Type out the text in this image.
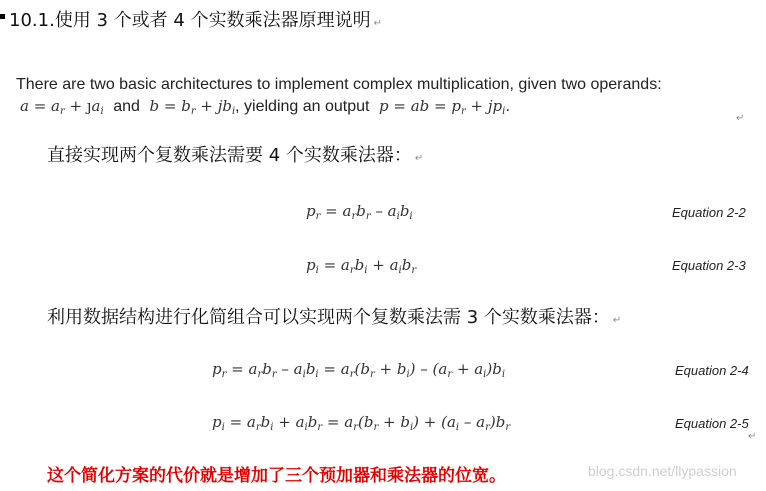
10.1.使用 3 个或者 4 个实数乘法器原理说明 ↵
There are two basic architectures to implement complex multiplication, given two operands:
$a = a_r$ + $ȷa_i$ and  $b = b_r + jb_i$, yielding an output  p = ab = $p_r + jp_i$.
↵
直接实现两个复数乘法需要 4 个实数乘法器： ↵
$p_r = a_rb_r - a_ib_i$	Equation 2-2
$p_i = a_rb_i + a_ib_r$	Equation 2-3
利用数据结构进行化简组合可以实现两个复数乘法需 3 个实数乘法器： ↵
$p_r = a_rb_r - a_ib_i = a_r(b_r + b_i) - (a_r + a_i)b_i$	Equation 2-4
$p_i = a_rb_i + a_ib_r = a_r(b_r + b_i) + (a_i - a_r)b_r$	Equation 2-5
↵
blog.csdn.net/llypassion
这个简化方案的代价就是增加了三个预加器和乘法器的位宽。
